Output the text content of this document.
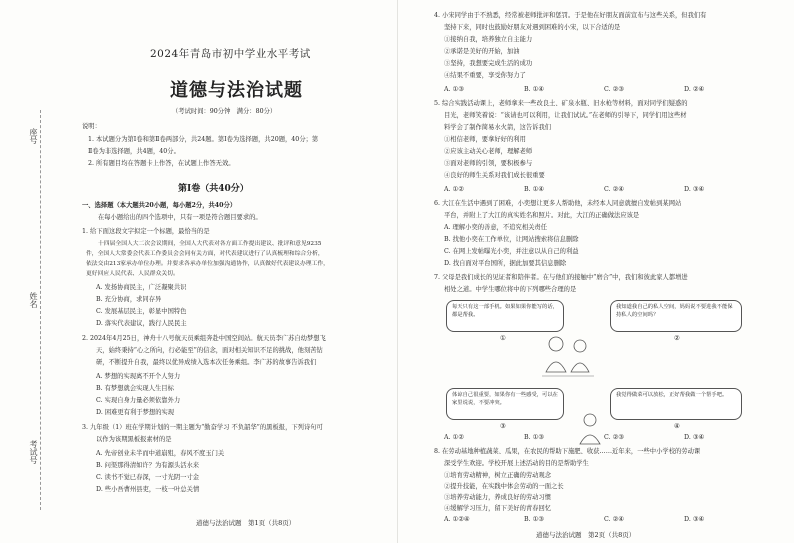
座号
姓名
考试号
2024年青岛市初中学业水平考试
道德与法治试题
（考试时间：90分钟　满分：80分）
说明：
1. 本试题分为第Ⅰ卷和第Ⅱ卷两部分，共24题。第Ⅰ卷为选择题，共20题，40分；第
Ⅱ卷为非选择题，共4题，40分。
2. 所有题目均在答题卡上作答，在试题上作答无效。
第Ⅰ卷（共40分）
一、选择题（本大题共20小题，每小题2分，共40分）
在每小题给出的四个选项中，只有一项是符合题目要求的。
1. 给下面这段文字拟定一个标题，最恰当的是
十四届全国人大二次会议期间，全国人大代表对各方面工作提出建议、批评和意见9235
件，全国人大常委会代表工作委员会会同有关方面，对代表建议进行了认真梳理和综合分析，
依法交由213家承办单位办理。并要求各承办单位加强沟通协作，认真做好代表建议办理工作，
更好回应人民代表、人民群众关切。
A. 发扬协商民主，广泛凝聚共识
B. 充分协商，求同存异
C. 发展基层民主，彰显中国特色
D. 落实代表建议，践行人民民主
2. 2024年4月25日，神舟十八号航天员乘组奔赴中国空间站。航天员李广苏自幼梦想飞
天，始终秉持“心之所向，行必能至”的信念，面对相关知识不足的挑战，他刻苦钻
研，不断提升自我，最终以优异成绩入选本次任务乘组。李广苏的故事告诉我们
A. 梦想的实现离不开个人努力
B. 有梦想就会实现人生目标
C. 实现自身力量必须依靠外力
D. 困难更有利于梦想的实现
3. 九年级（1）班在学期计划的一期主题为“勤奋学习 不负韶华”的黑板报，下列诗句可
以作为该期黑板报素材的是
A. 先帝创业未半而中道崩殂，春风不度玉门关
B. 问渠那得清如许？为有源头活水来
C. 读书不觉已春深，一寸光阴一寸金
D. 些小吾曹州县吏，一枝一叶总关情
道德与法治试题　第1页（共8页）
4. 小宋同学由于不熟悉，经常被老师批评和惩罚。于是他在好朋友面前宣布与这些关系，但我们有
坚持下来，同时也鼓励好朋友对遇到困难的小宋，以下合适的是
①接纳自我，培养独立自主能力
②承诺是美好的开始，加油
③坚持，我想要完成生活的成功
④结果不重要，享受你努力了
A. ①③	B. ①④	C. ②③	D. ②④
5. 综合实践活动课上，老师拿来一些改良土、矿泉水瓶、旧水枪等材料，面对同学们疑惑的
目光，老师笑着说：“该请也可以利用，让我们试试。”在老师的引导下，同学们用这些材
料学会了制作简易水火箭，这告诉我们
①相信老师，要拿好好的利用
②应该主动关心老师，理解老师
③面对老师的引领，要积极参与
④良好的师生关系对我们成长很重要
A. ①②	B. ①④	C. ②④	D. ③④
6. 大江在生活中遇到了困难，小奕想让更多人帮助他，未经本人同意就擅自发帖到某网站
平台，并附上了大江的真实姓名和照片。对此，大江的正确做法应该是
A. 理解小奕的善意，不追究相关责任
B. 找他小奕在工作单位，让网站搜索将信息删除
C. 在网上发帖曝光小奕，并注意以从自己的利益
D. 找自面对平台国所，据此加要其信息删除
7. 父母是我们成长的见证者和陪伴者。在与他们的接触中“磨合”中，我们和彼此家人都增进
相处之道。中学生哪位将中的下列哪些合理的是
每天只有这一部手机。如果如果你能写的话，都是帮我。
我知道我自己的私人空间，妈妈说不要进我不能保持私人的空间吗？
体谅自己很重要，如果你有一些感受，可以在家里说说，不要冲突。
我觉得做菜可以放松，正好帮我做一个帮手吧。
①	②
③	④
A. ①②	B. ①③	C. ②③	D. ③④
8. 在劳动基地种植蔬菜、瓜果，在农民的帮助下施肥、收获……近年来，一些中小学校的劳动课
深受学生欢迎。学校开展上述活动的目的是帮助学生
①培育劳动精神，树立正确的劳动观念
②提升技能，在实践中体会劳动的一面之长
③培养劳动能力，养成良好的劳动习惯
④缓解学习压力，留下美好的青春回忆
A. ①②④	B. ①③	C. ②④	D. ③④
道德与法治试题　第2页（共8页）
